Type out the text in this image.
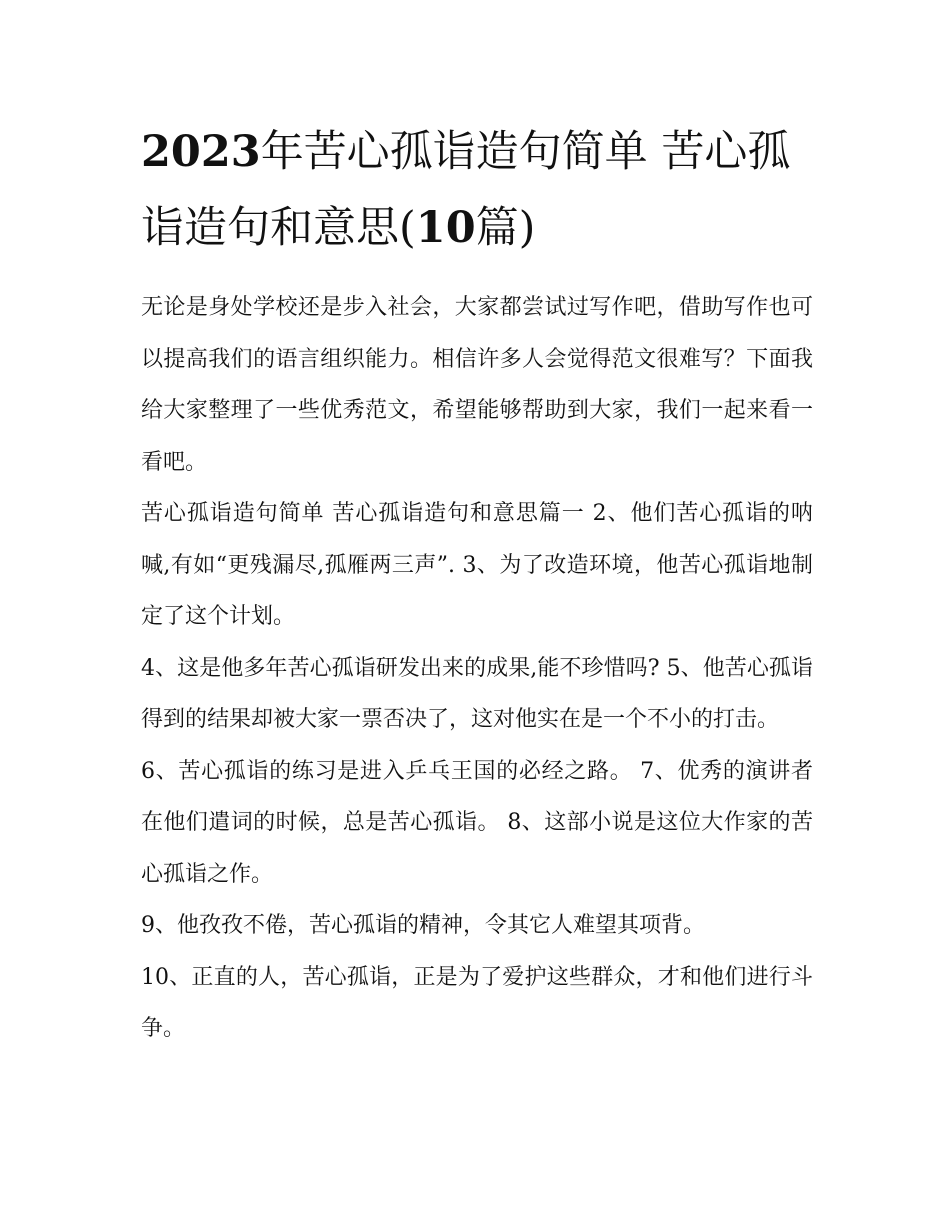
2023年苦心孤诣造句简单 苦心孤诣造句和意思(10篇)

无论是身处学校还是步入社会，大家都尝试过写作吧，借助写作也可以提高我们的语言组织能力。相信许多人会觉得范文很难写？下面我给大家整理了一些优秀范文，希望能够帮助到大家，我们一起来看一看吧。

苦心孤诣造句简单 苦心孤诣造句和意思篇一 2、他们苦心孤诣的呐喊,有如“更残漏尽,孤雁两三声”. 3、为了改造环境，他苦心孤诣地制定了这个计划。

4、这是他多年苦心孤诣研发出来的成果,能不珍惜吗? 5、他苦心孤诣得到的结果却被大家一票否决了，这对他实在是一个不小的打击。

6、苦心孤诣的练习是进入乒乓王国的必经之路。 7、优秀的演讲者在他们遣词的时候，总是苦心孤诣。 8、这部小说是这位大作家的苦心孤诣之作。

9、他孜孜不倦，苦心孤诣的精神，令其它人难望其项背。

10、正直的人，苦心孤诣，正是为了爱护这些群众，才和他们进行斗争。
